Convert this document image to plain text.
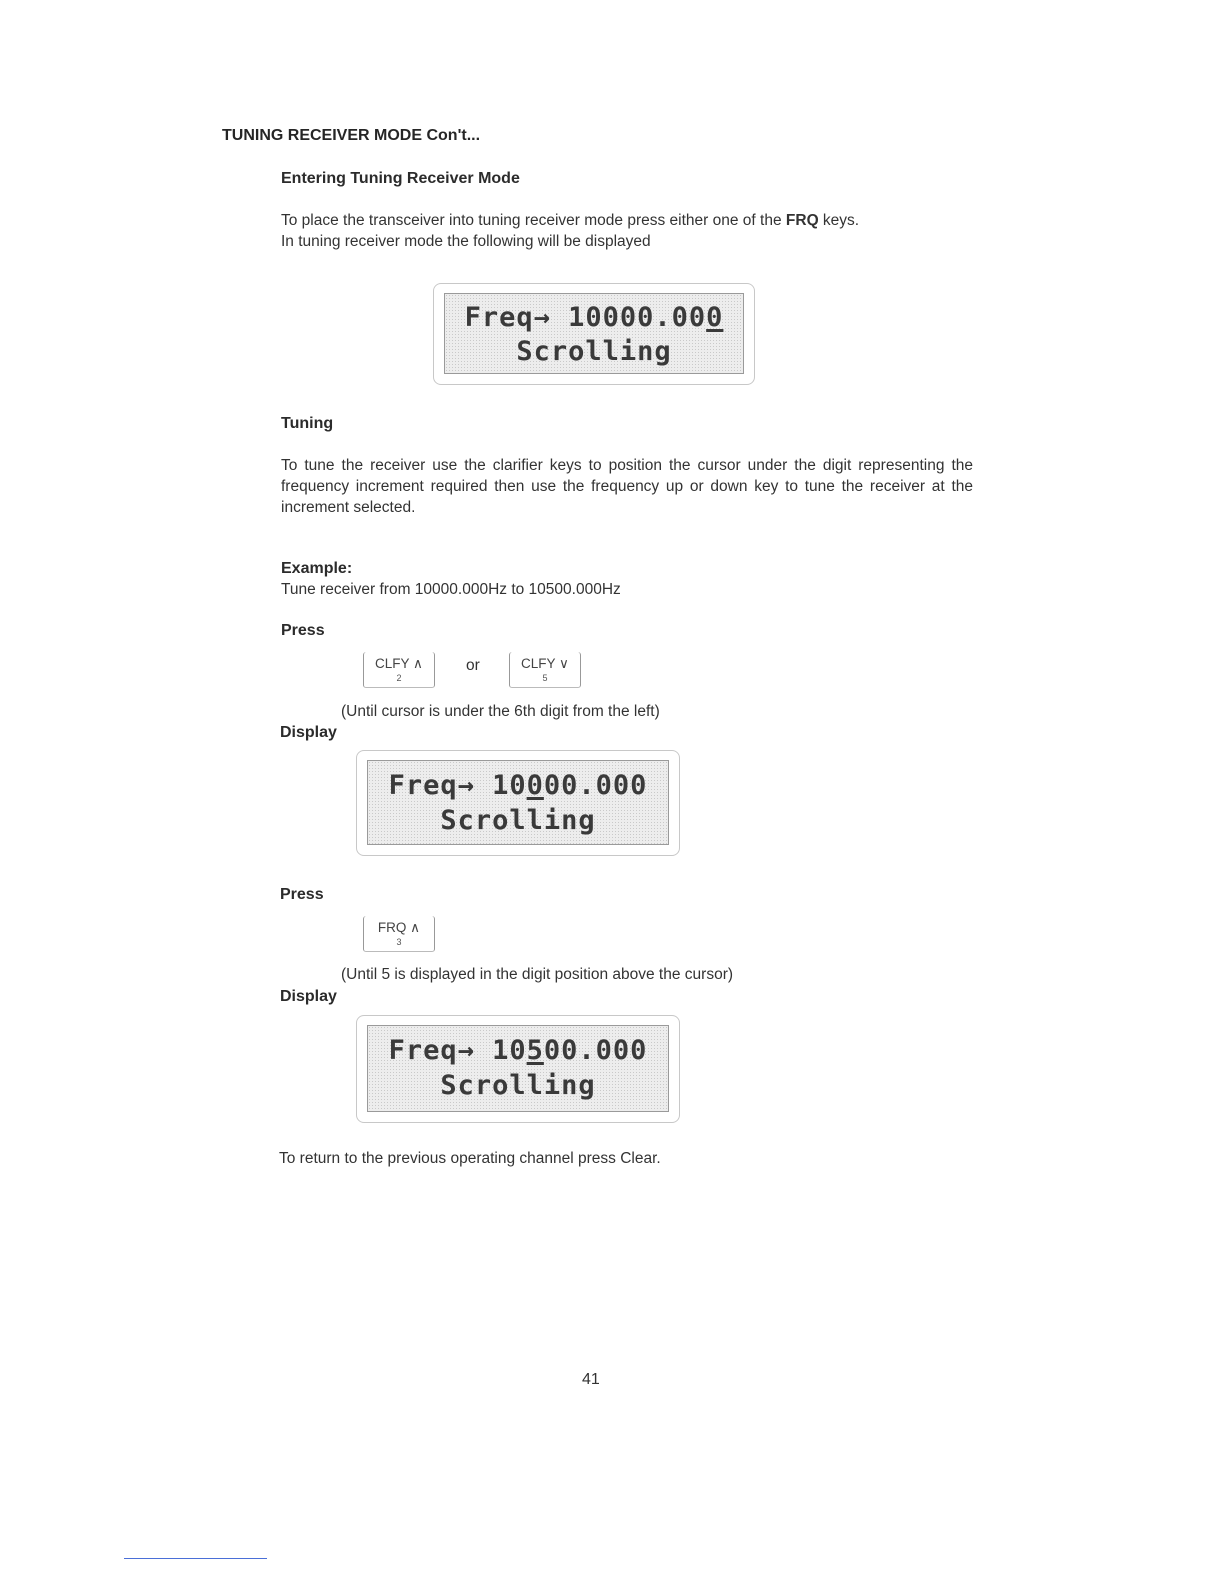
TUNING RECEIVER MODE Con't...

Entering Tuning Receiver Mode

To place the transceiver into tuning receiver mode press either one of the FRQ keys.
In tuning receiver mode the following will be displayed
Freq→ 10000.000
Scrolling

Tuning

To tune the receiver use the clarifier keys to position the cursor under the digit representing the frequency increment required then use the frequency up or down key to tune the receiver at the increment selected.

Example:

Tune receiver from 10000.000Hz to 10500.000Hz

Press

CLFY ∧
2

or	CLFY ∨
5

(Until cursor is under the 6th digit from the left)

Display

Freq→ 10000.000
Scrolling

Press

FRQ ∧
3

(Until 5 is displayed in the digit position above the cursor)

Display

Freq→ 10500.000
Scrolling

To return to the previous operating channel press Clear.

41
